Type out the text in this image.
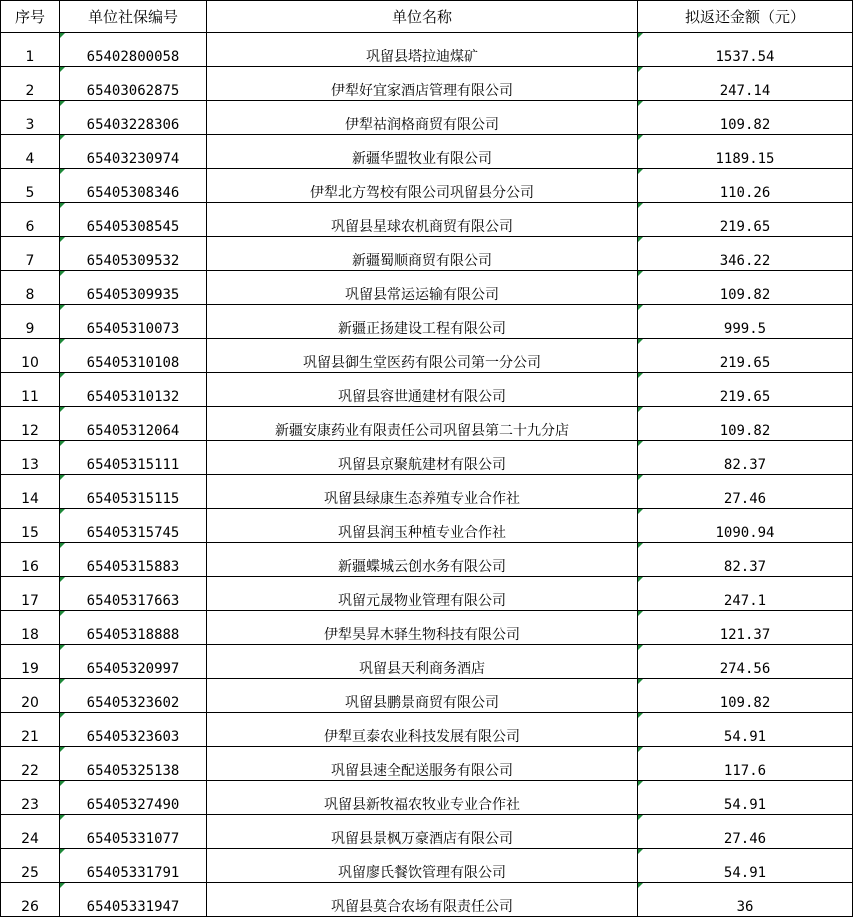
序号	单位社保编号	单位名称	拟返还金额（元）
1	65402800058	巩留县塔拉迪煤矿	1537.54
2	65403062875	伊犁好宜家酒店管理有限公司	247.14
3	65403228306	伊犁祜润格商贸有限公司	109.82
4	65403230974	新疆华盟牧业有限公司	1189.15
5	65405308346	伊犁北方驾校有限公司巩留县分公司	110.26
6	65405308545	巩留县星球农机商贸有限公司	219.65
7	65405309532	新疆蜀顺商贸有限公司	346.22
8	65405309935	巩留县常运运输有限公司	109.82
9	65405310073	新疆正扬建设工程有限公司	999.5
10	65405310108	巩留县御生堂医药有限公司第一分公司	219.65
11	65405310132	巩留县容世通建材有限公司	219.65
12	65405312064	新疆安康药业有限责任公司巩留县第二十九分店	109.82
13	65405315111	巩留县京聚航建材有限公司	82.37
14	65405315115	巩留县绿康生态养殖专业合作社	27.46
15	65405315745	巩留县润玉种植专业合作社	1090.94
16	65405315883	新疆蝶城云创水务有限公司	82.37
17	65405317663	巩留元晟物业管理有限公司	247.1
18	65405318888	伊犁昊昇木驿生物科技有限公司	121.37
19	65405320997	巩留县天利商务酒店	274.56
20	65405323602	巩留县鹏景商贸有限公司	109.82
21	65405323603	伊犁亘泰农业科技发展有限公司	54.91
22	65405325138	巩留县速全配送服务有限公司	117.6
23	65405327490	巩留县新牧福农牧业专业合作社	54.91
24	65405331077	巩留县景枫万豪酒店有限公司	27.46
25	65405331791	巩留廖氏餐饮管理有限公司	54.91
26	65405331947	巩留县莫合农场有限责任公司	36
